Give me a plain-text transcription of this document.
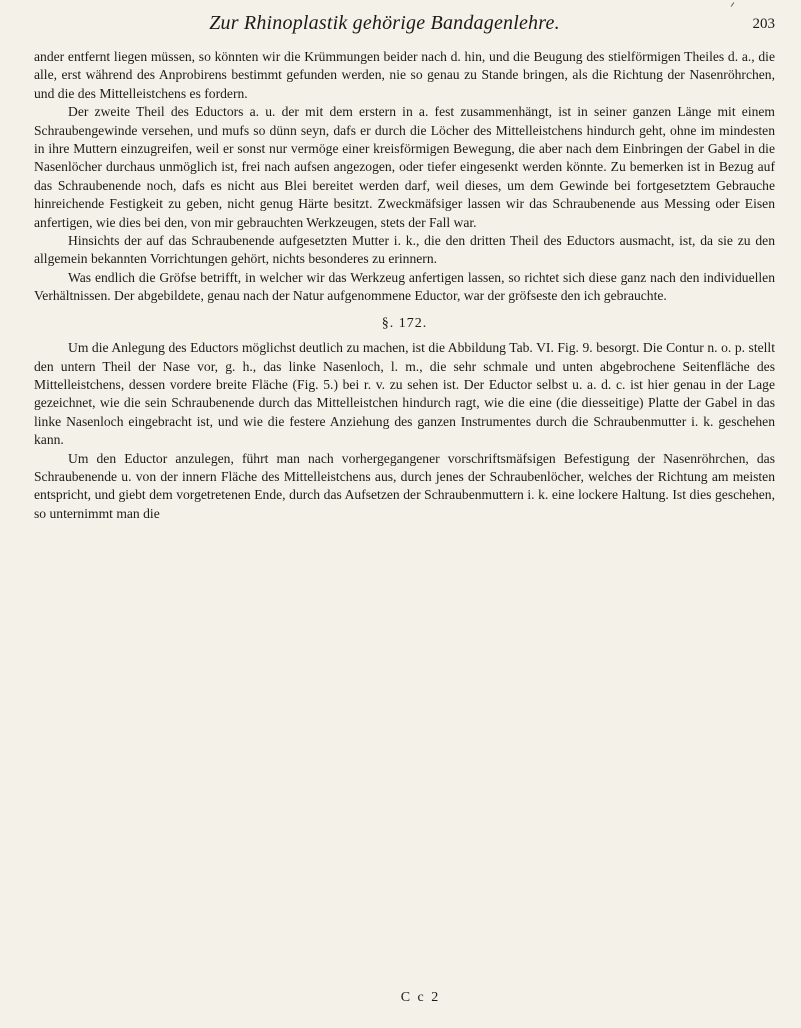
Zur Rhinoplastik gehörige Bandagenlehre.	203

ander entfernt liegen müssen, so könnten wir die Krümmungen beider nach d. hin, und die Beugung des stielförmigen Theiles d. a., die alle, erst während des Anprobirens bestimmt gefunden werden, nie so genau zu Stande bringen, als die Richtung der Nasenröhrchen, und die des Mittelleistchens es fordern.

Der zweite Theil des Eductors a. u. der mit dem erstern in a. fest zusammenhängt, ist in seiner ganzen Länge mit einem Schraubengewinde versehen, und mufs so dünn seyn, dafs er durch die Löcher des Mittelleistchens hindurch geht, ohne im mindesten in ihre Muttern einzugreifen, weil er sonst nur vermöge einer kreisförmigen Bewegung, die aber nach dem Einbringen der Gabel in die Nasenlöcher durchaus unmöglich ist, frei nach aufsen angezogen, oder tiefer eingesenkt werden könnte. Zu bemerken ist in Bezug auf das Schraubenende noch, dafs es nicht aus Blei bereitet werden darf, weil dieses, um dem Gewinde bei fortgesetztem Gebrauche hinreichende Festigkeit zu geben, nicht genug Härte besitzt. Zweckmäfsiger lassen wir das Schraubenende aus Messing oder Eisen anfertigen, wie dies bei den, von mir gebrauchten Werkzeugen, stets der Fall war.

Hinsichts der auf das Schraubenende aufgesetzten Mutter i. k., die den dritten Theil des Eductors ausmacht, ist, da sie zu den allgemein bekannten Vorrichtungen gehört, nichts besonderes zu erinnern.

Was endlich die Gröfse betrifft, in welcher wir das Werkzeug anfertigen lassen, so richtet sich diese ganz nach den individuellen Verhältnissen. Der abgebildete, genau nach der Natur aufgenommene Eductor, war der gröfseste den ich gebrauchte.

§. 172.

Um die Anlegung des Eductors möglichst deutlich zu machen, ist die Abbildung Tab. VI. Fig. 9. besorgt. Die Contur n. o. p. stellt den untern Theil der Nase vor, g. h., das linke Nasenloch, l. m., die sehr schmale und unten abgebrochene Seitenfläche des Mittelleistchens, dessen vordere breite Fläche (Fig. 5.) bei r. v. zu sehen ist. Der Eductor selbst u. a. d. c. ist hier genau in der Lage gezeichnet, wie die sein Schraubenende durch das Mittelleistchen hindurch ragt, wie die eine (die diesseitige) Platte der Gabel in das linke Nasenloch eingebracht ist, und wie die festere Anziehung des ganzen Instrumentes durch die Schraubenmutter i. k. geschehen kann.

Um den Eductor anzulegen, führt man nach vorhergegangener vorschriftsmäfsigen Befestigung der Nasenröhrchen, das Schraubenende u. von der innern Fläche des Mittelleistchens aus, durch jenes der Schraubenlöcher, welches der Richtung am meisten entspricht, und giebt dem vorgetretenen Ende, durch das Aufsetzen der Schraubenmuttern i. k. eine lockere Haltung. Ist dies geschehen, so unternimmt man die

C c 2
